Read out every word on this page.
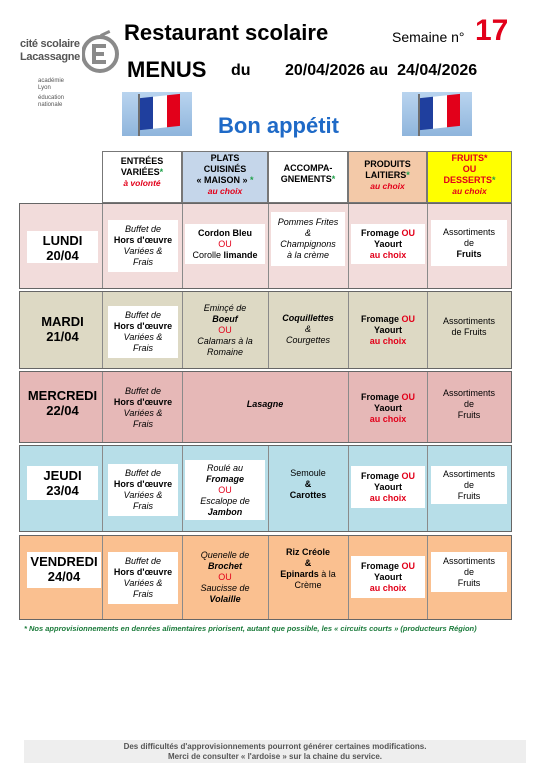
cité scolaire
Lacassagne
académie
Lyon
éducation
nationale
Restaurant scolaire	Semaine n° 17
MENUS du 20/04/2026 au  24/04/2026
Bon appétit
ENTRÉES
VARIÉES*
à volonté
PLATS
CUISINÉS
« MAISON » *
au choix
ACCOMPA-
GNEMENTS*
PRODUITS
LAITIERS*
au choix
FRUITS*
OU
DESSERTS*
au choix
LUNDI
20/04
Buffet de
Hors d'œuvre
Variées &
Frais
Cordon Bleu
OU
Corolle limande
Pommes Frites
&
Champignons
à la crème
Fromage OU
Yaourt
au choix
Assortiments
de
Fruits
MARDI
21/04
Buffet de
Hors d'œuvre
Variées &
Frais
Eminçé de
Boeuf
OU
Calamars à la
Romaine
Coquillettes
&
Courgettes
Fromage OU
Yaourt
au choix
Assortiments
de Fruits
MERCREDI
22/04
Buffet de
Hors d'œuvre
Variées &
Frais
Lasagne
Fromage OU
Yaourt
au choix
Assortiments
de
Fruits
JEUDI
23/04
Buffet de
Hors d'œuvre
Variées &
Frais
Roulé au
Fromage
OU
Escalope de
Jambon
Semoule
&
Carottes
Fromage OU
Yaourt
au choix
Assortiments
de
Fruits
VENDREDI
24/04
Buffet de
Hors d'œuvre
Variées &
Frais
Quenelle de
Brochet
OU
Saucisse de
Volaille
Riz Créole
&
Epinards à la
Crème
Fromage OU
Yaourt
au choix
Assortiments
de
Fruits
* Nos approvisionnements en denrées alimentaires priorisent, autant que possible, les « circuits courts » (producteurs Région)
Des difficultés d'approvisionnements pourront générer certaines modifications.
Merci de consulter « l'ardoise » sur la chaine du service.
